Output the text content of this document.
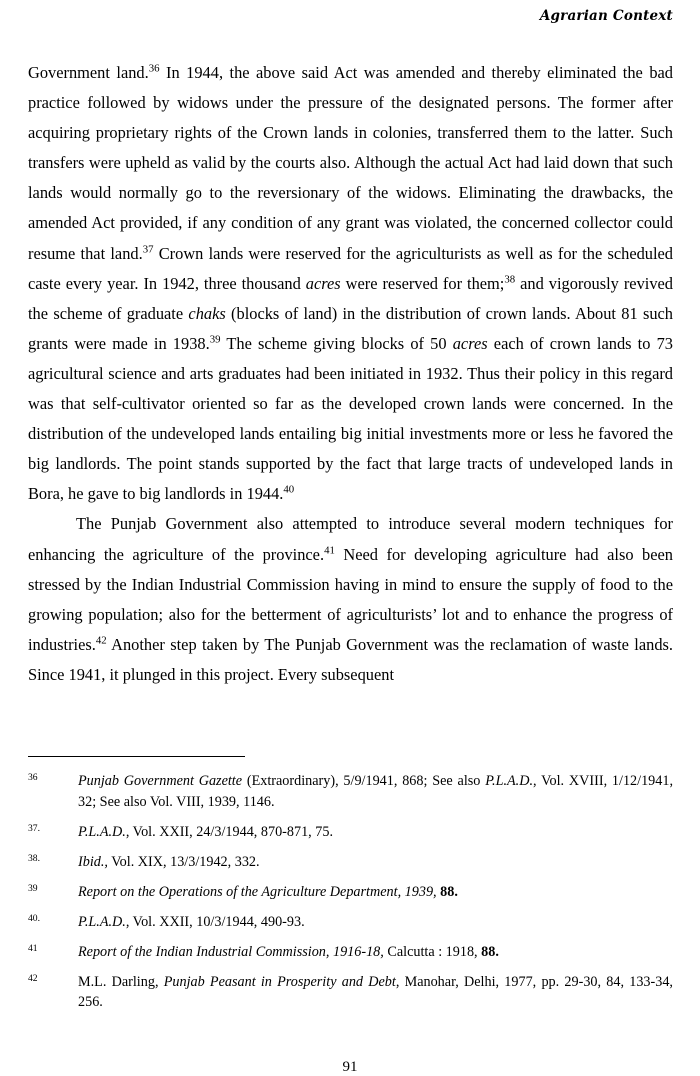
Agrarian Context

Government land.$^{36}$ In 1944, the above said Act was amended and thereby eliminated the bad practice followed by widows under the pressure of the designated persons. The former after acquiring proprietary rights of the Crown lands in colonies, transferred them to the latter. Such transfers were upheld as valid by the courts also. Although the actual Act had laid down that such lands would normally go to the reversionary of the widows. Eliminating the drawbacks, the amended Act provided, if any condition of any grant was violated, the concerned collector could resume that land.$^{37}$ Crown lands were reserved for the agriculturists as well as for the scheduled caste every year. In 1942, three thousand acres were reserved for them;$^{38}$ and vigorously revived the scheme of graduate chaks (blocks of land) in the distribution of crown lands. About 81 such grants were made in 1938.39 The scheme giving blocks of 50 acres each of crown lands to 73 agricultural science and arts graduates had been initiated in 1932. Thus their policy in this regard was that self-cultivator oriented so far as the developed crown lands were concerned. In the distribution of the undeveloped lands entailing big initial investments more or less he favored the big landlords. The point stands supported by the fact that large tracts of undeveloped lands in Bora, he gave to big landlords in 1944.40

The Punjab Government also attempted to introduce several modern techniques for enhancing the agriculture of the province.$^{41}$ Need for developing agriculture had also been stressed by the Indian Industrial Commission having in mind to ensure the supply of food to the growing population; also for the betterment of agriculturists’ lot and to enhance the progress of industries.$^{42}$ Another step taken by The Punjab Government was the reclamation of waste lands. Since 1941, it plunged in this project. Every subsequent

36	Punjab Government Gazette (Extraordinary), 5/9/1941, 868; See also P.L.A.D., Vol. XVIII, 1/12/1941, 32; See also Vol. VIII, 1939, 1146.
37.	P.L.A.D., Vol. XXII, 24/3/1944, 870-871, 75.
38.	Ibid., Vol. XIX, 13/3/1942, 332.
39	Report on the Operations of the Agriculture Department, 1939, 88.
40.	P.L.A.D., Vol. XXII, 10/3/1944, 490-93.
41	Report of the Indian Industrial Commission, 1916-18, Calcutta : 1918, 88.
42	M.L. Darling, Punjab Peasant in Prosperity and Debt, Manohar, Delhi, 1977, pp. 29-30, 84, 133-34, 256.
91
